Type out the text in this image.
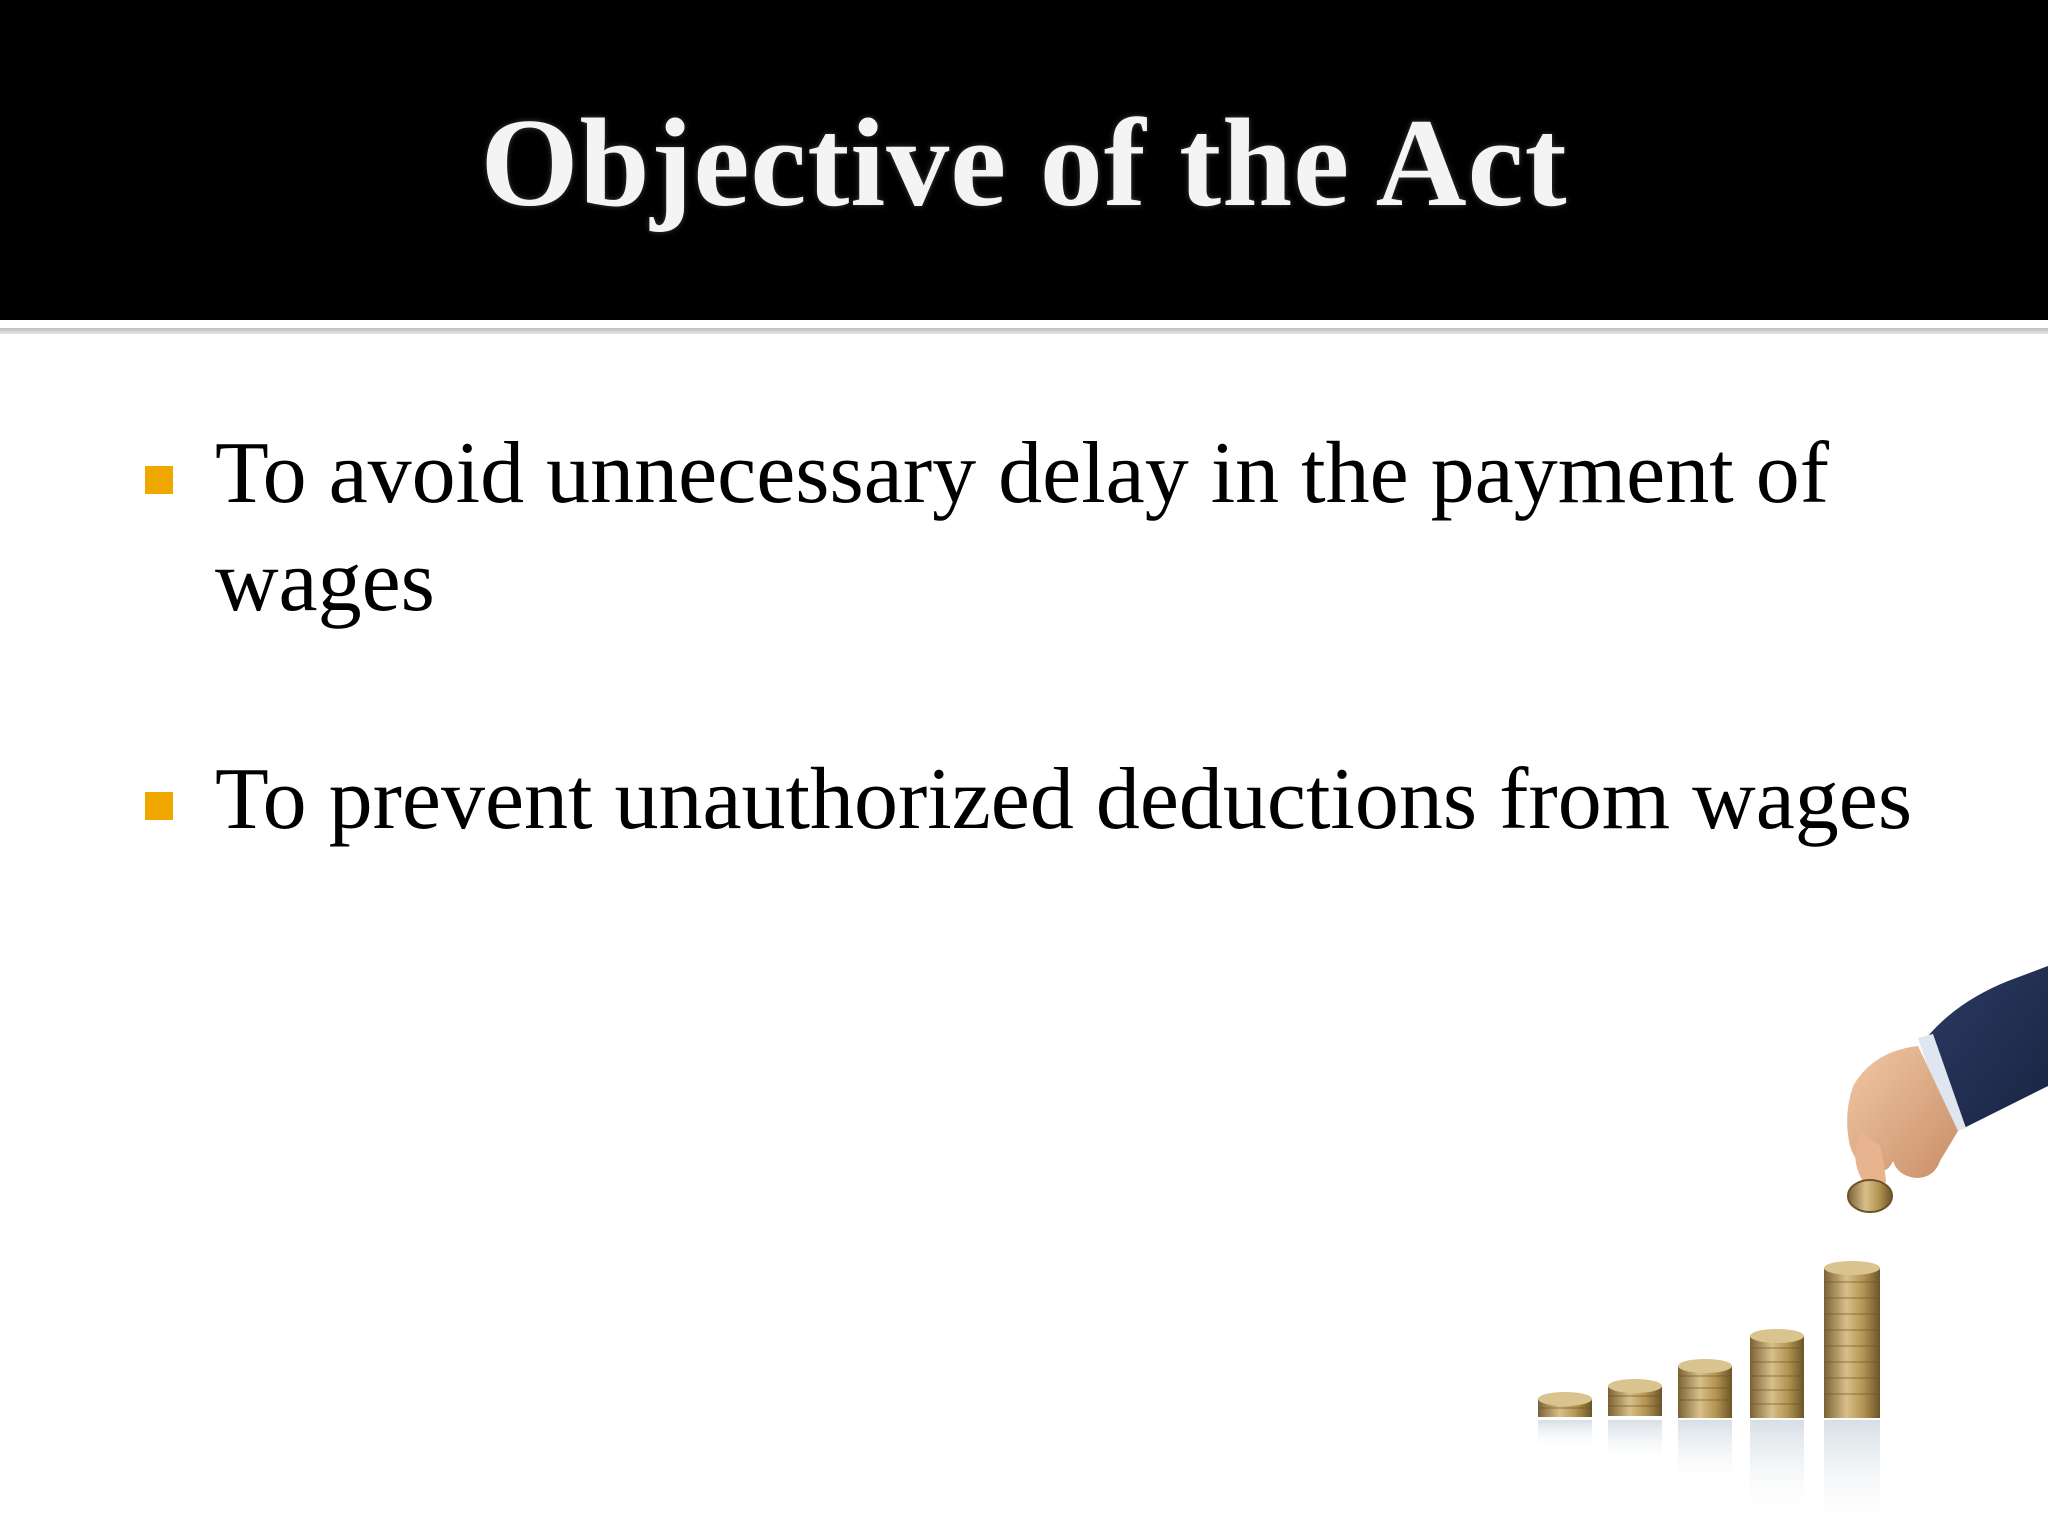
Objective of the Act
To avoid unnecessary delay in the payment of wages
To prevent unauthorized deductions from wages
